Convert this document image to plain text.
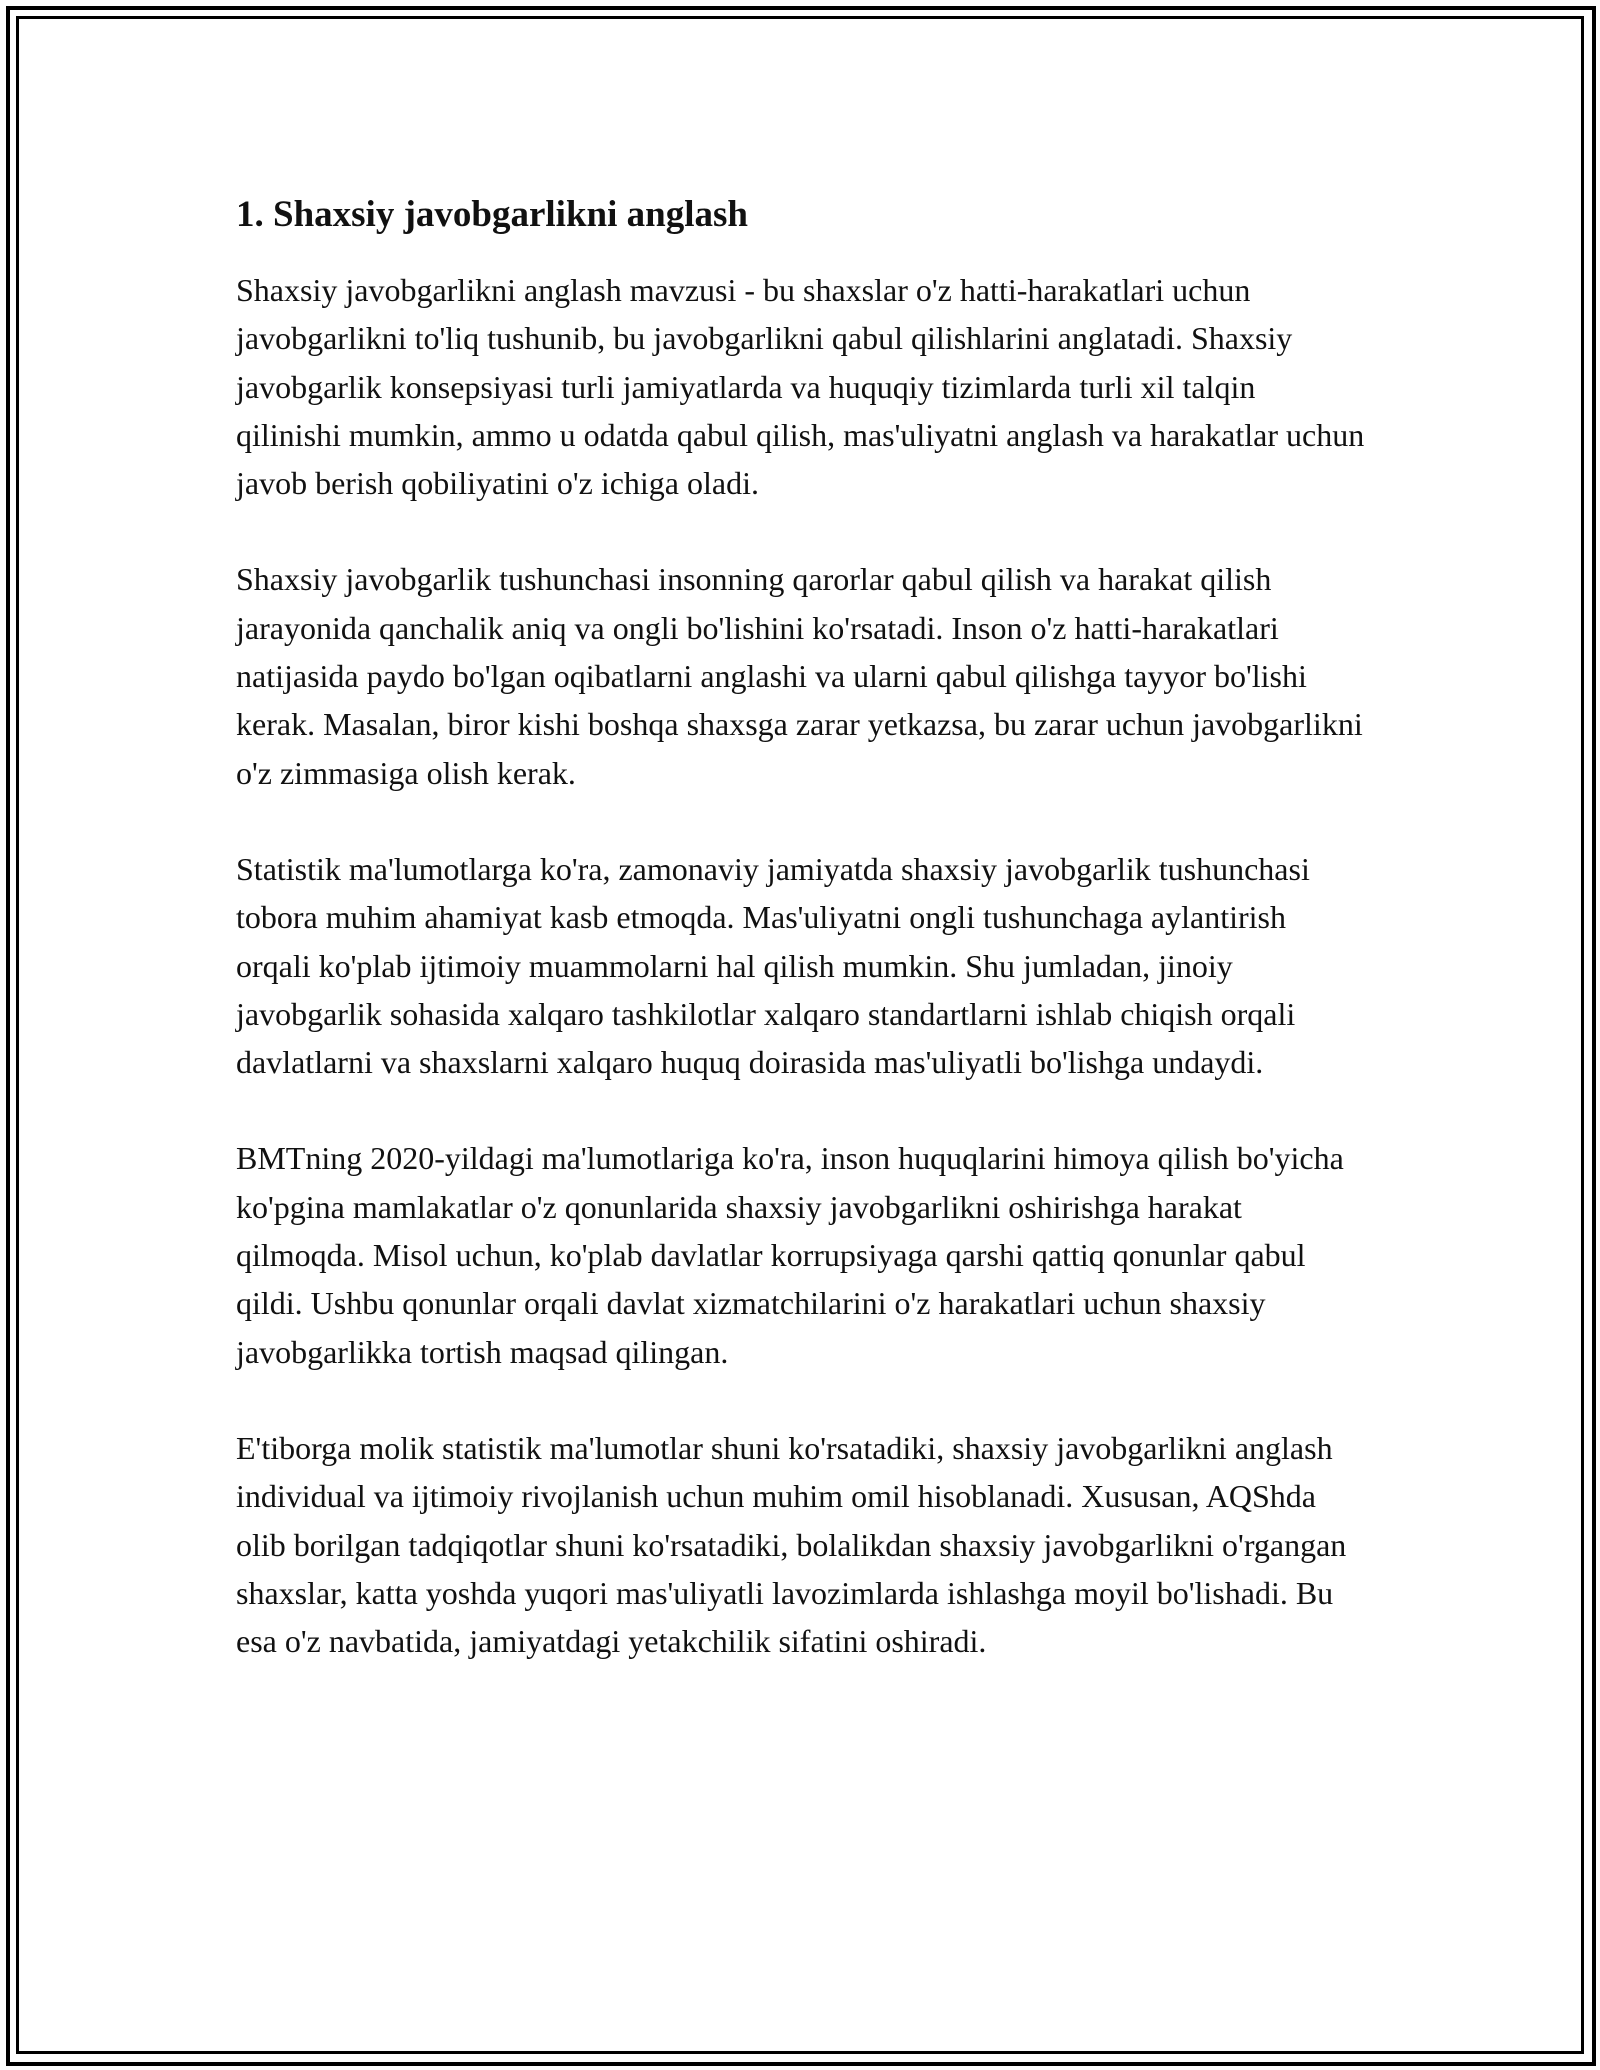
1. Shaxsiy javobgarlikni anglash

Shaxsiy javobgarlikni anglash mavzusi - bu shaxslar o'z hatti-harakatlari uchun javobgarlikni to'liq tushunib, bu javobgarlikni qabul qilishlarini anglatadi. Shaxsiy javobgarlik konsepsiyasi turli jamiyatlarda va huquqiy tizimlarda turli xil talqin qilinishi mumkin, ammo u odatda qabul qilish, mas'uliyatni anglash va harakatlar uchun javob berish qobiliyatini o'z ichiga oladi.

Shaxsiy javobgarlik tushunchasi insonning qarorlar qabul qilish va harakat qilish jarayonida qanchalik aniq va ongli bo'lishini ko'rsatadi. Inson o'z hatti-harakatlari natijasida paydo bo'lgan oqibatlarni anglashi va ularni qabul qilishga tayyor bo'lishi kerak. Masalan, biror kishi boshqa shaxsga zarar yetkazsa, bu zarar uchun javobgarlikni o'z zimmasiga olish kerak.

Statistik ma'lumotlarga ko'ra, zamonaviy jamiyatda shaxsiy javobgarlik tushunchasi tobora muhim ahamiyat kasb etmoqda. Mas'uliyatni ongli tushunchaga aylantirish orqali ko'plab ijtimoiy muammolarni hal qilish mumkin. Shu jumladan, jinoiy javobgarlik sohasida xalqaro tashkilotlar xalqaro standartlarni ishlab chiqish orqali davlatlarni va shaxslarni xalqaro huquq doirasida mas'uliyatli bo'lishga undaydi.

BMTning 2020-yildagi ma'lumotlariga ko'ra, inson huquqlarini himoya qilish bo'yicha ko'pgina mamlakatlar o'z qonunlarida shaxsiy javobgarlikni oshirishga harakat qilmoqda. Misol uchun, ko'plab davlatlar korrupsiyaga qarshi qattiq qonunlar qabul qildi. Ushbu qonunlar orqali davlat xizmatchilarini o'z harakatlari uchun shaxsiy javobgarlikka tortish maqsad qilingan.

E'tiborga molik statistik ma'lumotlar shuni ko'rsatadiki, shaxsiy javobgarlikni anglash individual va ijtimoiy rivojlanish uchun muhim omil hisoblanadi. Xususan, AQShda olib borilgan tadqiqotlar shuni ko'rsatadiki, bolalikdan shaxsiy javobgarlikni o'rgangan shaxslar, katta yoshda yuqori mas'uliyatli lavozimlarda ishlashga moyil bo'lishadi. Bu esa o'z navbatida, jamiyatdagi yetakchilik sifatini oshiradi.
